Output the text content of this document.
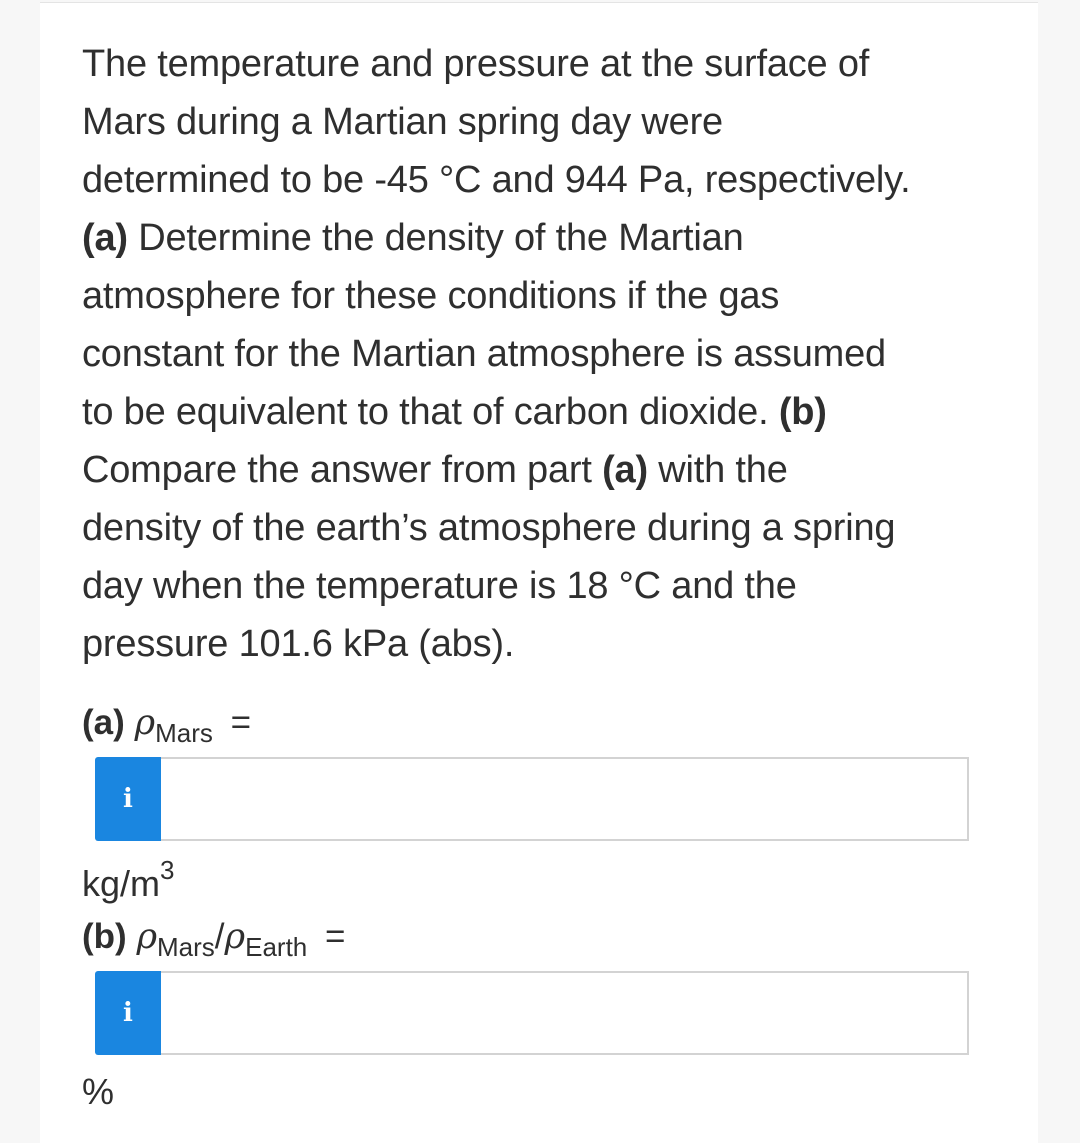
The temperature and pressure at the surface of
Mars during a Martian spring day were
determined to be -45 °C and 944 Pa, respectively.
(a) Determine the density of the Martian
atmosphere for these conditions if the gas
constant for the Martian atmosphere is assumed
to be equivalent to that of carbon dioxide. (b)
Compare the answer from part (a) with the
density of the earth’s atmosphere during a spring
day when the temperature is 18 °C and the
pressure 101.6 kPa (abs).

(a) $\rho_{Mars}$ =
i
$kg/m^3$
(b) $\rho_{Mars}/\rho_{Earth}$ =
i
%
